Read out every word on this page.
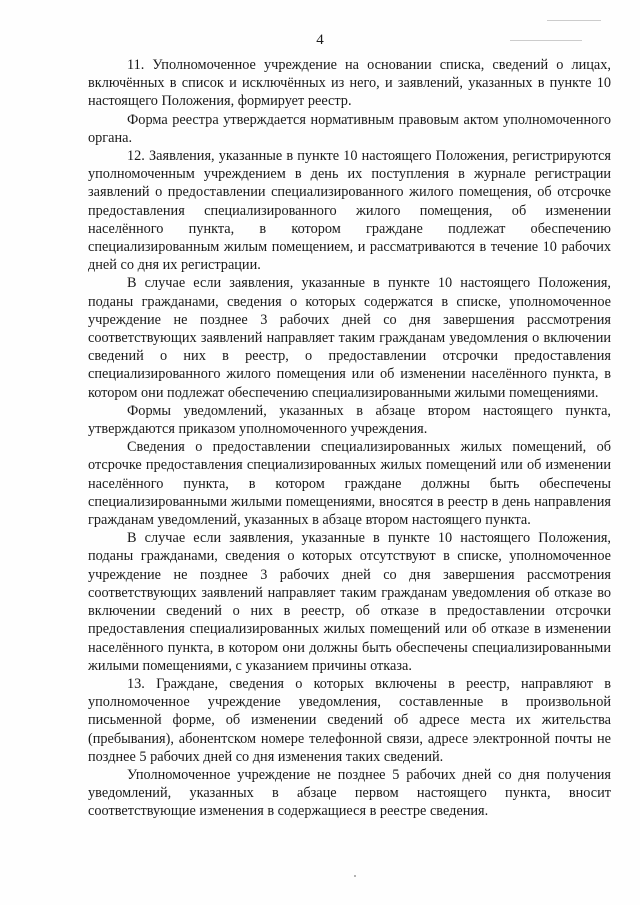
4

11. Уполномоченное учреждение на основании списка, сведений о лицах, включённых в список и исключённых из него, и заявлений, указанных в пункте 10 настоящего Положения, формирует реестр.

Форма реестра утверждается нормативным правовым актом уполномоченного органа.

12. Заявления, указанные в пункте 10 настоящего Положения, регистрируются уполномоченным учреждением в день их поступления в журнале регистрации заявлений о предоставлении специализированного жилого помещения, об отсрочке предоставления специализированного жилого помещения, об изменении населённого пункта, в котором граждане подлежат обеспечению специализированным жилым помещением, и рассматриваются в течение 10 рабочих дней со дня их регистрации.

В случае если заявления, указанные в пункте 10 настоящего Положения, поданы гражданами, сведения о которых содержатся в списке, уполномоченное учреждение не позднее 3 рабочих дней со дня завершения рассмотрения соответствующих заявлений направляет таким гражданам уведомления о включении сведений о них в реестр, о предоставлении отсрочки предоставления специализированного жилого помещения или об изменении населённого пункта, в котором они подлежат обеспечению специализированными жилыми помещениями.

Формы уведомлений, указанных в абзаце втором настоящего пункта, утверждаются приказом уполномоченного учреждения.

Сведения о предоставлении специализированных жилых помещений, об отсрочке предоставления специализированных жилых помещений или об изменении населённого пункта, в котором граждане должны быть обеспечены специализированными жилыми помещениями, вносятся в реестр в день направления гражданам уведомлений, указанных в абзаце втором настоящего пункта.

В случае если заявления, указанные в пункте 10 настоящего Положения, поданы гражданами, сведения о которых отсутствуют в списке, уполномоченное учреждение не позднее 3 рабочих дней со дня завершения рассмотрения соответствующих заявлений направляет таким гражданам уведомления об отказе во включении сведений о них в реестр, об отказе в предоставлении отсрочки предоставления специализированных жилых помещений или об отказе в изменении населённого пункта, в котором они должны быть обеспечены специализированными жилыми помещениями, с указанием причины отказа.

13. Граждане, сведения о которых включены в реестр, направляют в уполномоченное учреждение уведомления, составленные в произвольной письменной форме, об изменении сведений об адресе места их жительства (пребывания), абонентском номере телефонной связи, адресе электронной почты не позднее 5 рабочих дней со дня изменения таких сведений.

Уполномоченное учреждение не позднее 5 рабочих дней со дня получения уведомлений, указанных в абзаце первом настоящего пункта, вносит соответствующие изменения в содержащиеся в реестре сведения.
